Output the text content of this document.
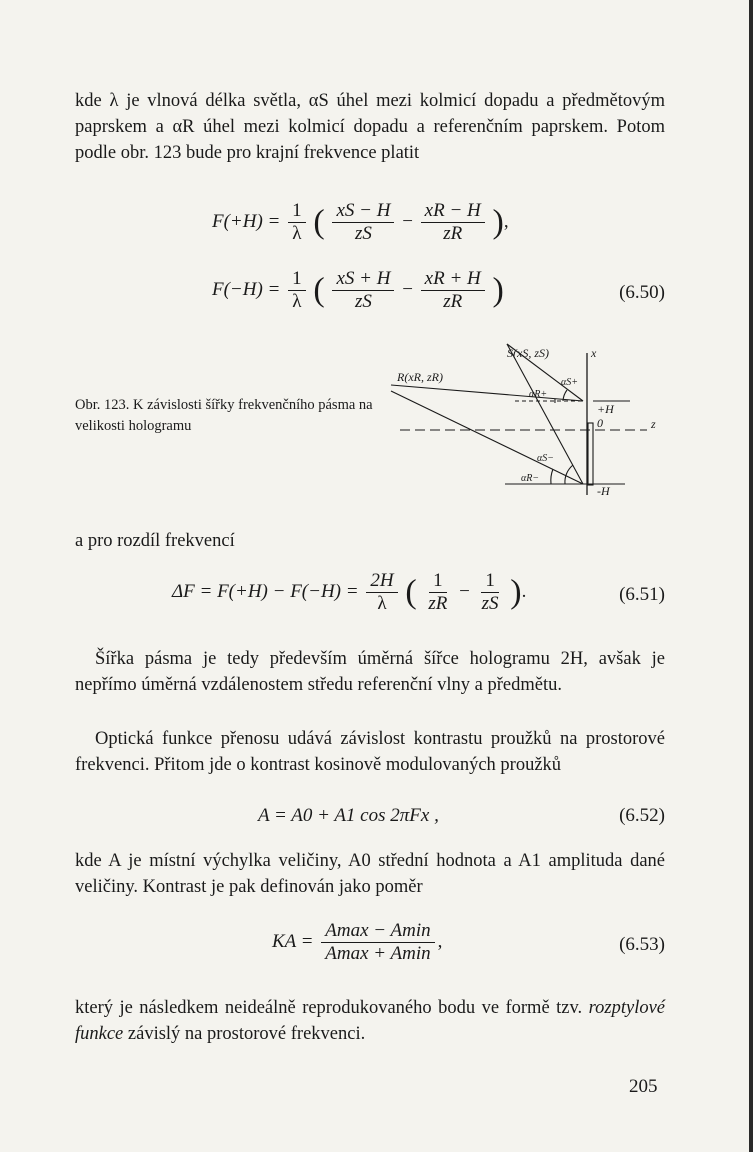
kde λ je vlnová délka světla, αS úhel mezi kolmicí dopadu a předmětovým paprskem a αR úhel mezi kolmicí dopadu a referenčním paprskem. Potom podle obr. 123 bude pro krajní frekvence platit

$F(+H) = \frac{1}{\lambda}$ ( $\frac{xS - H}{zS} - \frac{xR - H}{zR}$ ),
$F(-H) = \frac{1}{\lambda}$ ( $\frac{xS + H}{zS} - \frac{xR + H}{zR}$ )	(6.50)
Obr. 123. K závislosti šířky frekvenčního pásma na velikosti hologramu
S(xS, zS)
R(xR, zR)
x
z
+H
-H
0
αS+
αR+
αS−
αR−

a pro rozdíl frekvencí

$\Delta F = F(+H) - F(-H) = \frac{2H}{\lambda}$ ( $\frac{1}{zR} - \frac{1}{zS}$ ).	(6.51)

Šířka pásma je tedy především úměrná šířce hologramu 2H, avšak je nepřímo úměrná vzdálenostem středu referenční vlny a předmětu.

Optická funkce přenosu udává závislost kontrastu proužků na prostorové frekvenci. Přitom jde o kontrast kosinově modulovaných proužků

A = A0 + A1 cos 2πFx ,	(6.52)

kde A je místní výchylka veličiny, A0 střední hodnota a A1 amplituda dané veličiny. Kontrast je pak definován jako poměr

KA = $\frac{Amax - Amin}{Amax + Amin}$ ,	(6.53)

který je následkem neideálně reprodukovaného bodu ve formě tzv. rozptylové funkce závislý na prostorové frekvenci.

205
